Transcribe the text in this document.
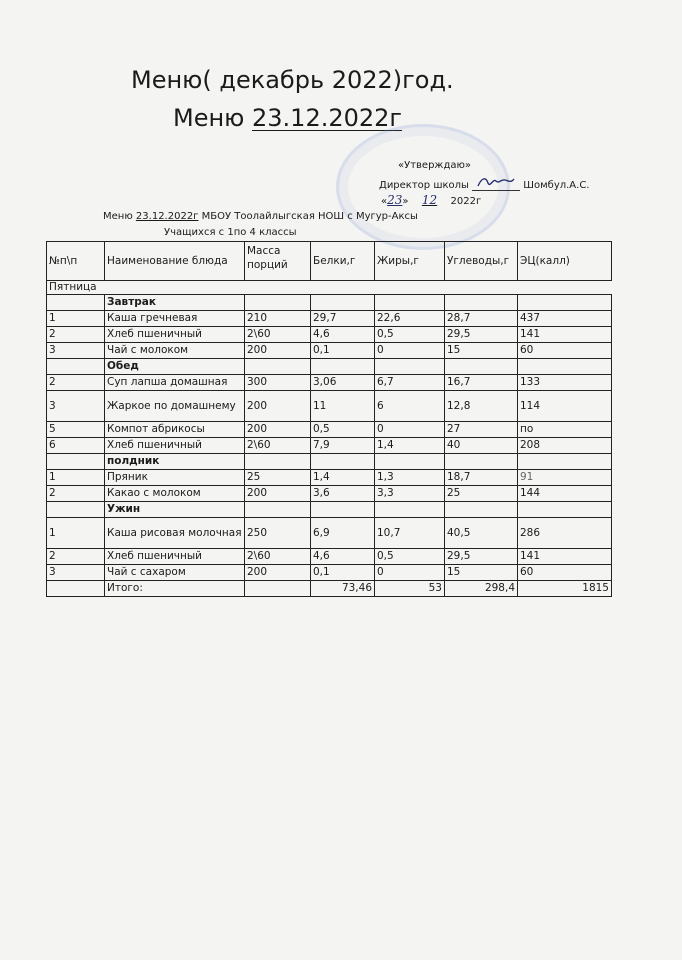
Меню( декабрь 2022)год.
Меню 23.12.2022г
«Утверждаю»
Директор школы	Шомбул.А.С.
«23» 12 2022г
Меню 23.12.2022г МБОУ Тоолайлыгская НОШ с Мугур-Аксы
Учащихся с 1по 4 классы
№п\п	Наименование блюда	Масса порций	Белки,г	Жиры,г	Углеводы,г	ЭЦ(калл)
Пятница						
	Завтрак					
1	Каша гречневая	210	29,7	22,6	28,7	437
2	Хлеб пшеничный	2\60	4,6	0,5	29,5	141
3	Чай с молоком	200	0,1	0	15	60
	Обед					
2	Суп лапша домашная	300	3,06	6,7	16,7	133
3	Жаркое по домашнему	200	11	6	12,8	114
5	Компот абрикосы	200	0,5	0	27	по
6	Хлеб пшеничный	2\60	7,9	1,4	40	208
	полдник					
1	Пряник	25	1,4	1,3	18,7	91
2	Какао с молоком	200	3,6	3,3	25	144
	Ужин					
1	Каша рисовая молочная	250	6,9	10,7	40,5	286
2	Хлеб пшеничный	2\60	4,6	0,5	29,5	141
3	Чай с сахаром	200	0,1	0	15	60
	Итого:		73,46	53	298,4	1815
